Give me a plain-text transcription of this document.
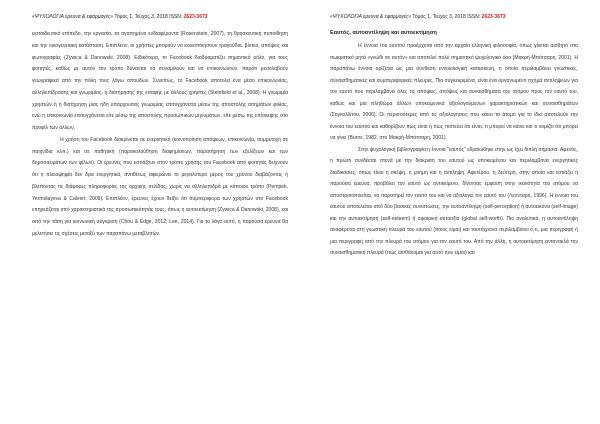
«ΨΥΧΟΛΟΓΙΑ έρευνα & εφαρμογές» Τόμος 1, Τεύχος 3, 2018 ISSN: 2623-3673

εκπαιδευτικό επίπεδο, την εργασία, τα αγαπημένα ενδιαφέροντα (Rosenstein, 2007), τη θρησκευτική πεποίθηση και την οικογενειακή κατάσταση. Επιπλέον, οι χρήστες μπορούν να κοινοποιήσουν τραγούδια, βίντεο, απόψεις και φωτογραφίες (Zywica & Danowski, 2008). Ειδικότερα, το Facebook διαδραματίζει σημαντικό ρόλο, για τους φοιτητές, καθώς με αυτόν τον τρόπο δύνανται να συνομιλούν και να επικοινωνούν, παρότι μεσολαβούν γεωγραφικά από την πόλη τους λόγω σπουδών. Συνεπώς, το Facebook αποτελεί ένα μέσο επικοινωνίας, αλληλεπίδρασης και γνωριμίας, ή διατήρησης της επαφής με άλλους χρήστες (Steinfield et al., 2008). Η γνωριμία χρηστών ή η διατήρηση μιας ήδη υπάρχουσας γνωριμίας επιτυγχάνεται μέσω της αποστολής αιτημάτων φιλίας, ενώ η επικοινωνία επιτυγχάνεται είτε μέσω της αποστολής προσωπικών μηνυμάτων, είτε μέσω της επίσκεψης στο προφίλ των άλλων.

Η χρήση του Facebook διακρίνεται σε ενεργητική (κοινοποίηση απόψεων, επικοινωνία, συμμετοχή σε παιχνίδια κλπ.) και σε παθητική (παρακολούθηση διαφημίσεων, παρατήρηση των εξελίξεων και των δημοσιευμάτων των φίλων). Οι έρευνες που εστιάζουν στον τρόπο χρήσης του Facebook από φοιτητές δείχνουν ότι η πλειοψηφία δεν δρα ενεργητικά, αντιθέτως αφιερώνει το μεγαλύτερο μέρος του χρόνου διαβάζοντας ή βλέποντας τις διάφορες πληροφορίες της αρχικής σελίδας, χωρίς να αλληλεπιδρά με κάποιον τρόπο (Pempek, Yermolayeva & Calvert, 2009). Επιπλέον, έρευνες έχουν δείξει ότι συμπεριφορά των χρηστών στο Facebook επηρεάζεται από χαρακτηριστικά της προσωπικότητάς τους, όπως η αυτοεκτίμηση (Zywica & Danowski, 2008), και από την τάση για κοινωνική σύγκριση (Chou & Edge, 2012; Lee, 2014). Για το λόγο αυτό, η παρούσα έρευνα θα μελετήσει τις σχέσεις μεταξύ των παραπάνω μεταβλητών.

«ΨΥΧΟΛΟΓΙΑ έρευνα & εφαρμογές» Τόμος 1, Τεύχος 3, 2018 ISSN: 2623-3673
Εαυτός, αυτοαντίληψη και αυτοεκτίμηση

Η έννοια του εαυτού προέρχεται από την αρχαία ελληνική φιλοσοφία, όπως γίνεται αισθητό στο σωκρατικό ρητό «γνώθι σε αυτόν» και αποτελεί πολύ σημαντικό ψυχολογικό όρο (Μακρή-Μπότσαρη, 2001). Η παραπάνω έννοια ορίζεται ως μια σύνθεση εννοιολογική κατασκευή, η οποία περιλαμβάνει γνωστικές, συναισθηματικές και συμπεριφορικές πλευρές. Πιο συγκεκριμένα, είναι ένα οργανωμένο σχήμα αντιλήψεων για τον εαυτό που περιλαμβάνει όλες τις απόψεις, απόψεις και συναισθήματα του ατόμου προς τον εαυτό του, καθώς και μια πληθώρα άλλων υποκειμενικά αξιολογούμενων χαρακτηριστικών και συναισθημάτων (Συγκολλίτου, 2006). Οι περισσότερες από τις αξιολογήσεις που κάνει το άτομο για το ίδιο αποτελούν την έννοια του εαυτού και καθορίζουν πώς είναι ή πώς πιστεύει ότι είναι, τι μπορεί να κάνει και τι νομίζει ότι μπορεί να γίνει (Burns, 1982, στο Μακρή-Μπότσαρη, 2001).

Στην ψυχολογική βιβλιογραφία η έννοια "εαυτός" εδραιώθηκε στην ως έχει διπλή σημασία. Αφενός, η πρώτη συνδέεται στενά με την διάκριση του εαυτού ως υποκειμένου και περιλαμβάνει ενεργητικές διαδικασίες, όπως είναι η σκέψη, η μνήμη και η αντίληψη. Αφετέρου, η δεύτερη, στην οποία και εστιάζει η παρούσα έρευνα, προβάλει τον εαυτό ως αντικείμενο, δίνοντας έμφαση στην ικανότητα του ατόμου να αποστασιοποιείται, να παρατηρεί τον εαυτό του και να αξιολογεί τον εαυτό του (Λεονταρή, 1996). Η έννοια του εαυτού αποτελείται από δύο βασικές συνιστώσες, την αυτοαντίληψη (self-perception) ή αυτοεικόνα (self-image) και την αυτοεκτίμηση (self-esteem) ή σφαιρική αυτοαξία (global self-worth). Πιο αναλυτικά, η αυτοαντίληψη αναφέρεται στη γνωστική πλευρά του εαυτού (ποιος είμαι) και ταυτόχρονα περιλαμβάνει ό,τι, μια περιγραφή ή μια περιγραφή από την πλευρά του ατόμου για τον εαυτό του. Από την άλλη, η αυτοεκτίμηση αντανακλά την συναισθηματική πλευρά (πώς αισθάνομαι για αυτό που είμαι) και
